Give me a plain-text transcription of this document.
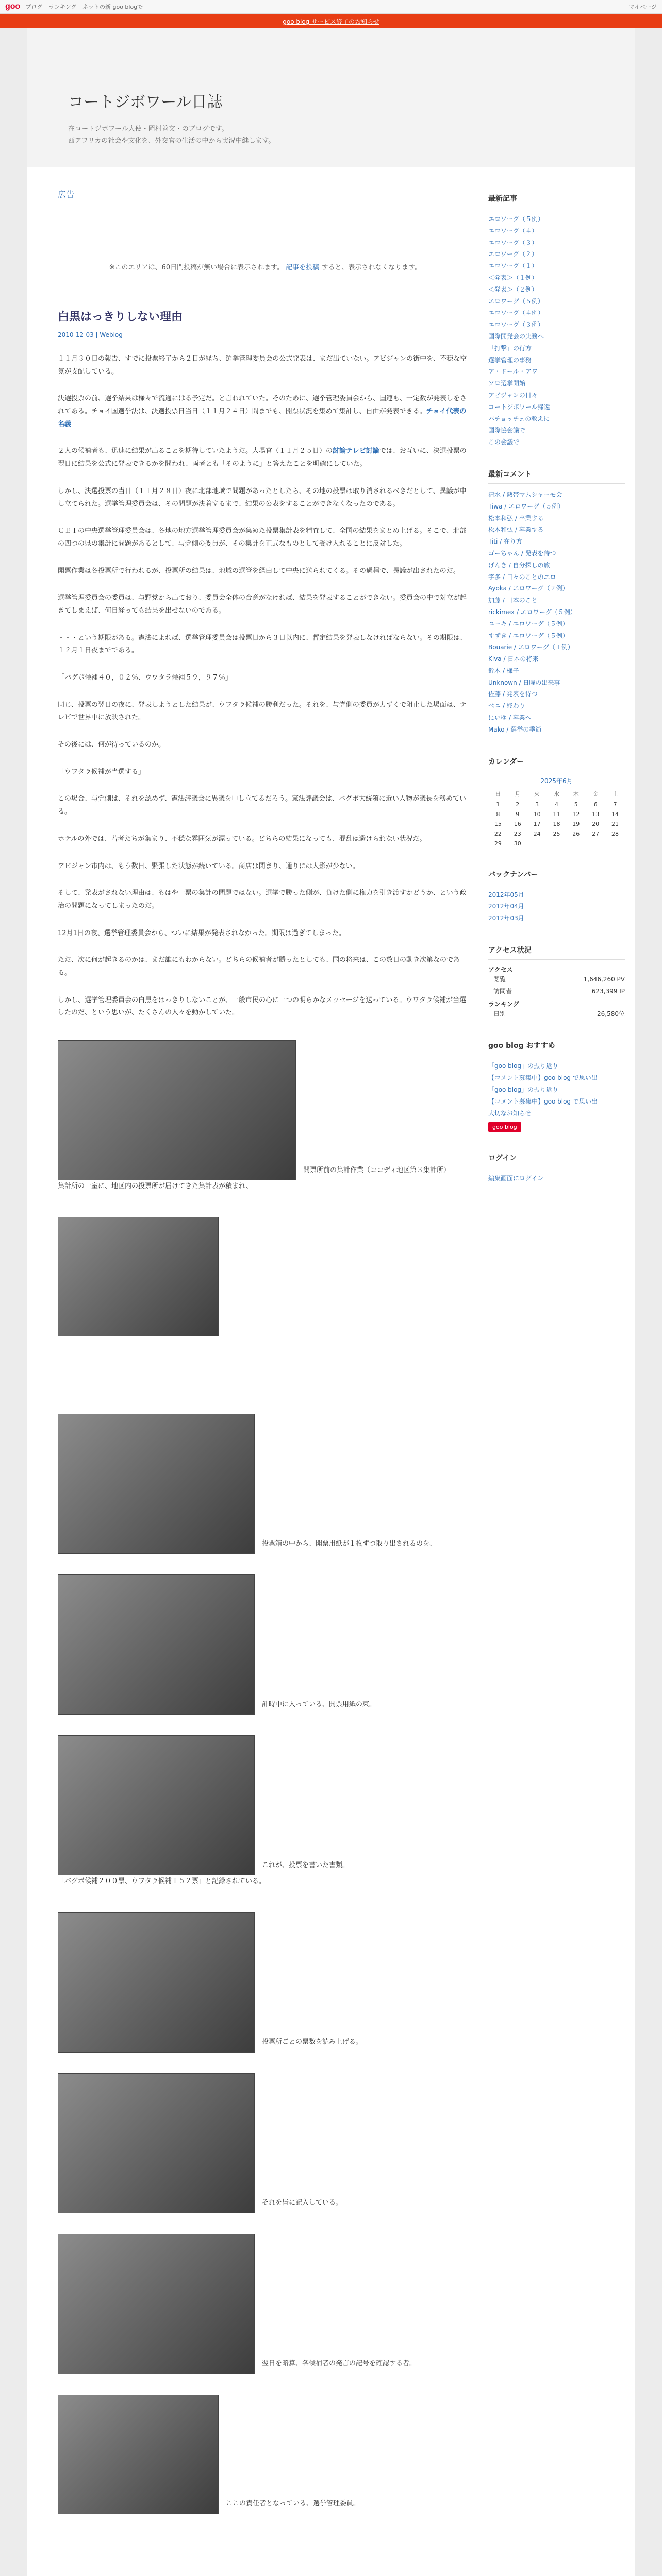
goo ブログ ランキング ネットの新 goo blogで	マイページ
goo blog サービス終了のお知らせ
コートジボワール日誌
在コートジボワール大使・岡村善文・のブログです。
西アフリカの社会や文化を、外交官の生活の中から実況中継します。
広告
※このエリアは、60日間投稿が無い場合に表示されます。 記事を投稿 すると、表示されなくなります。
白黒はっきりしない理由
2010-12-03 | Weblog

１１月３０日の報告、すでに投票終了から２日が経ち、選挙管理委員会の公式発表は、まだ出ていない。アビジャンの街中を、不穏な空気が支配している。

決選投票の前、選挙結果は様々で流通にはる予定だ。と言われていた。そのために、選挙管理委員会から、国連も、一定数が発表しをされてある。チョイ国選挙法は、決選投票日当日（１１月２４日）間までも、開票状況を集めて集計し、自由が発表できる。チョイ代表の名義

２人の候補者も、迅速に結果が出ることを期待していたようだ。大場官（１１月２５日）の討論テレビ討論では、お互いに、決選投票の翌日に結果を公式に発表できるかを問われ、両者とも「そのように」と答えたことを明確にしていた。

しかし、決選投票の当日（１１月２８日）夜に北部地域で問題があったとしたら、その地の投票は取り消されるべきだとして、異議が申し立てられた。選挙管理委員会は、その問題が決着するまで、結果の公表をすることができなくなったのである。

ＣＥＩの中央選挙管理委員会は、各地の地方選挙管理委員会が集めた投票集計表を精査して、全国の結果をまとめ上げる。そこで、北部の四つの県の集計に問題があるとして、与党側の委員が、その集計を正式なものとして受け入れることに反対した。

開票作業は各投票所で行われるが、投票所の結果は、地域の選管を経由して中央に送られてくる。その過程で、異議が出されたのだ。

選挙管理委員会の委員は、与野党から出ており、委員会全体の合意がなければ、結果を発表することができない。委員会の中で対立が起きてしまえば、何日経っても結果を出せないのである。

・・・という期限がある。憲法によれば、選挙管理委員会は投票日から３日以内に、暫定結果を発表しなければならない。その期限は、１２月１日夜までである。

「バグボ候補４０，０２％、ウワタラ候補５９，９７％」

同じ、投票の翌日の夜に、発表しようとした結果が、ウワタラ候補の勝利だった。それを、与党側の委員が力ずくで阻止した場面は、テレビで世界中に放映された。

その後には、何が待っているのか。

「ウワタラ候補が当選する」

この場合、与党側は、それを認めず、憲法評議会に異議を申し立てるだろう。憲法評議会は、バグボ大統領に近い人物が議長を務めている。

ホテルの外では、若者たちが集まり、不穏な雰囲気が漂っている。どちらの結果になっても、混乱は避けられない状況だ。

アビジャン市内は、もう数日、緊張した状態が続いている。商店は閉まり、通りには人影が少ない。

そして、発表がされない理由は、もはや一票の集計の問題ではない。選挙で勝った側が、負けた側に権力を引き渡すかどうか、という政治の問題になってしまったのだ。

12月1日の夜、選挙管理委員会から、ついに結果が発表されなかった。期限は過ぎてしまった。

ただ、次に何が起きるのかは、まだ誰にもわからない。どちらの候補者が勝ったとしても、国の将来は、この数日の動き次第なのである。

しかし、選挙管理委員会の白黒をはっきりしないことが、一般市民の心に一つの明らかなメッセージを送っている。ウワタラ候補が当選したのだ、という思いが、たくさんの人々を動かしていた。

開票所前の集計作業（ココディ地区第３集計所）
集計所の一室に、地区内の投票所が届けてきた集計表が積まれ、
投票箱の中から、開票用紙が１枚ずつ取り出されるのを、
計時中に入っている、開票用紙の束。
これが、投票を書いた書類。
「バグボ候補２００票、ウワタラ候補１５２票」と記録されている。
投票所ごとの票数を読み上げる。
それを皆に記入している。
翌日を暗算、各候補者の発言の記号を確認する者。
ここの責任者となっている、選挙管理委員。
最新記事
エロワーグ（５例）
エロワーグ（４）
エロワーグ（３）
エロワーグ（２）
エロワーグ（１）
＜発表＞（１例）
＜発表＞（２例）
エロワーグ（５例）
エロワーグ（４例）
エロワーグ（３例）
国際開発会の実務へ
「打撃」の行方
選挙管理の事務
ア・ドール・アワ
ソロ選挙開始
アビジャンの日々
コートジボワール帰還
バチョッチェの教えに
国際協会議で
この会議で
最新コメント
清水 / 熱帯マムシャーモ会
Tiwa / エロワーグ（５例）
松本和弘 / 卒業する
松本和弘 / 卒業する
Titi / 在り方
ゴーちゃん / 発表を待つ
げんき / 自分探しの旅
宇多 / 日々のことのエロ
Ayoka / エロワーグ（２例）
加藤 / 日本のこと
rickimex / エロワーグ（５例）
ユーキ / エロワーグ（５例）
すずき / エロワーグ（５例）
Bouarie / エロワーグ（１例）
Kiva / 日本の将来
鈴木 / 様子
Unknown / 日曜の出来事
佐藤 / 発表を待つ
ベニ / 終わり
にいゆ / 卒業へ
Mako / 選挙の季節
カレンダー
2025年6月
日	月	火	水	木	金	土
1	2	3	4	5	6	7
8	9	10	11	12	13	14
15	16	17	18	19	20	21
22	23	24	25	26	27	28
29	30					
バックナンバー
2012年05月
2012年04月
2012年03月
アクセス状況
アクセス
閲覧	1,646,260 PV
訪問者	623,399 IP
ランキング
日別	26,580位
goo blog おすすめ
「goo blog」の振り返り
【コメント募集中】goo blog で思い出
「goo blog」の振り返り
【コメント募集中】goo blog で思い出
大切なお知らせ
goo blog
ログイン
編集画面にログイン
